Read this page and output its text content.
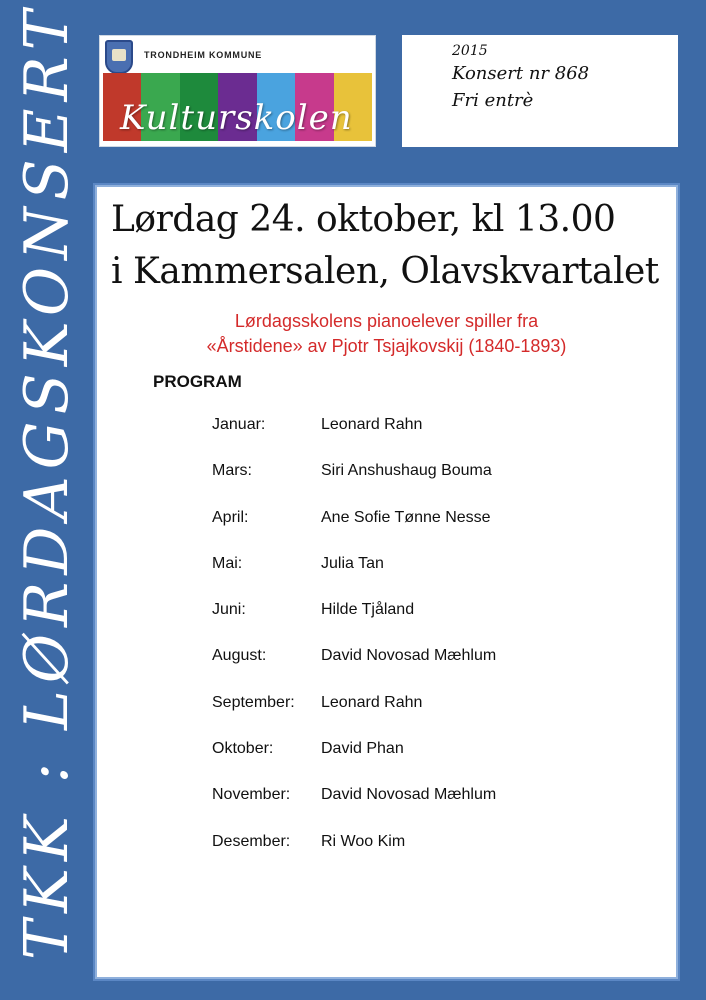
TKK : LØRDAGSKONSERT	TRONDHEIM KOMMUNE
Kulturskolen
2015
Konsert nr 868
Fri entrè
Lørdag 24. oktober, kl 13.00
i Kammersalen, Olavskvartalet
Lørdagsskolens pianoelever spiller fra
«Årstidene» av Pjotr Tsjajkovskij (1840-1893)
PROGRAM
Januar:	Leonard Rahn
Mars:	Siri Anshushaug Bouma
April:	Ane Sofie Tønne Nesse
Mai:	Julia Tan
Juni:	Hilde Tjåland
August:	David Novosad Mæhlum
September:	Leonard Rahn
Oktober:	David Phan
November:	David Novosad Mæhlum
Desember:	Ri Woo Kim
